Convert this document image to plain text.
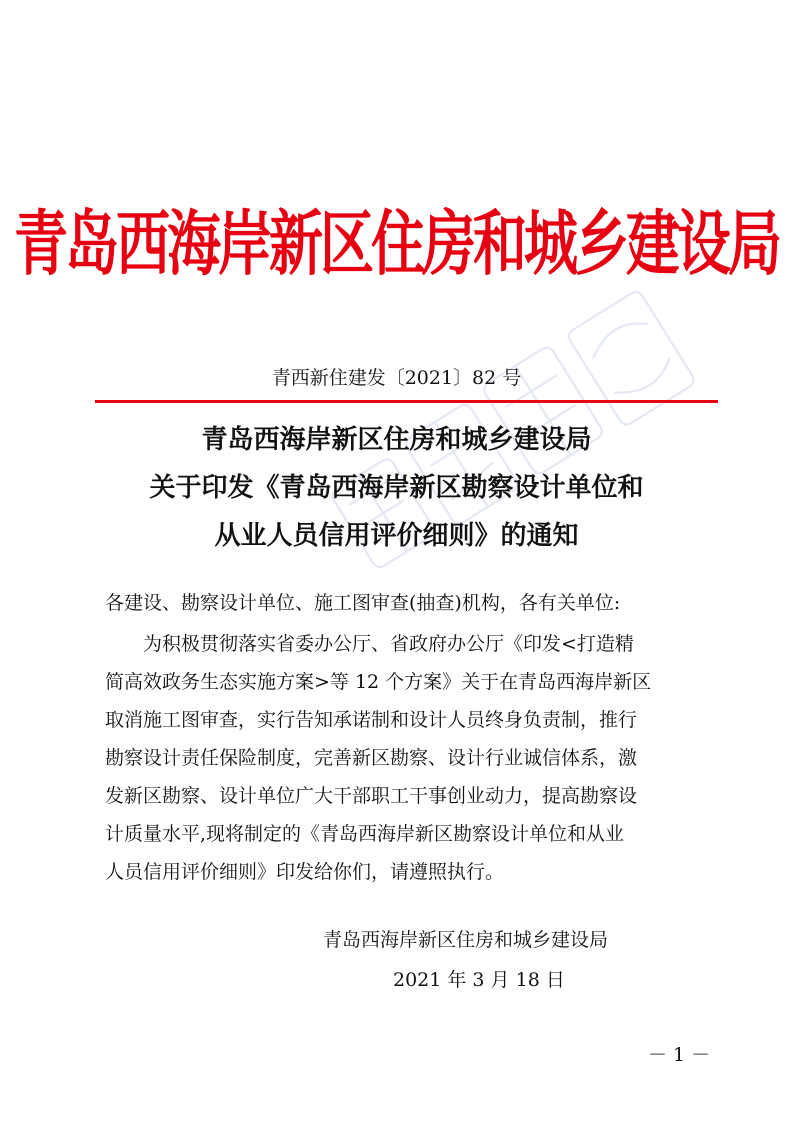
青岛西海岸新区住房和城乡建设局
青西新住建发〔2021〕82 号
青岛西海岸新区住房和城乡建设局
关于印发《青岛西海岸新区勘察设计单位和
从业人员信用评价细则》的通知
各建设、勘察设计单位、施工图审查(抽查)机构，各有关单位:
为积极贯彻落实省委办公厅、省政府办公厅《印发<打造精
简高效政务生态实施方案>等 12 个方案》关于在青岛西海岸新区
取消施工图审查，实行告知承诺制和设计人员终身负责制，推行
勘察设计责任保险制度，完善新区勘察、设计行业诚信体系，激
发新区勘察、设计单位广大干部职工干事创业动力，提高勘察设
计质量水平,现将制定的《青岛西海岸新区勘察设计单位和从业
人员信用评价细则》印发给你们，请遵照执行。
青岛西海岸新区住房和城乡建设局
2021 年 3 月 18 日
－ 1 －
